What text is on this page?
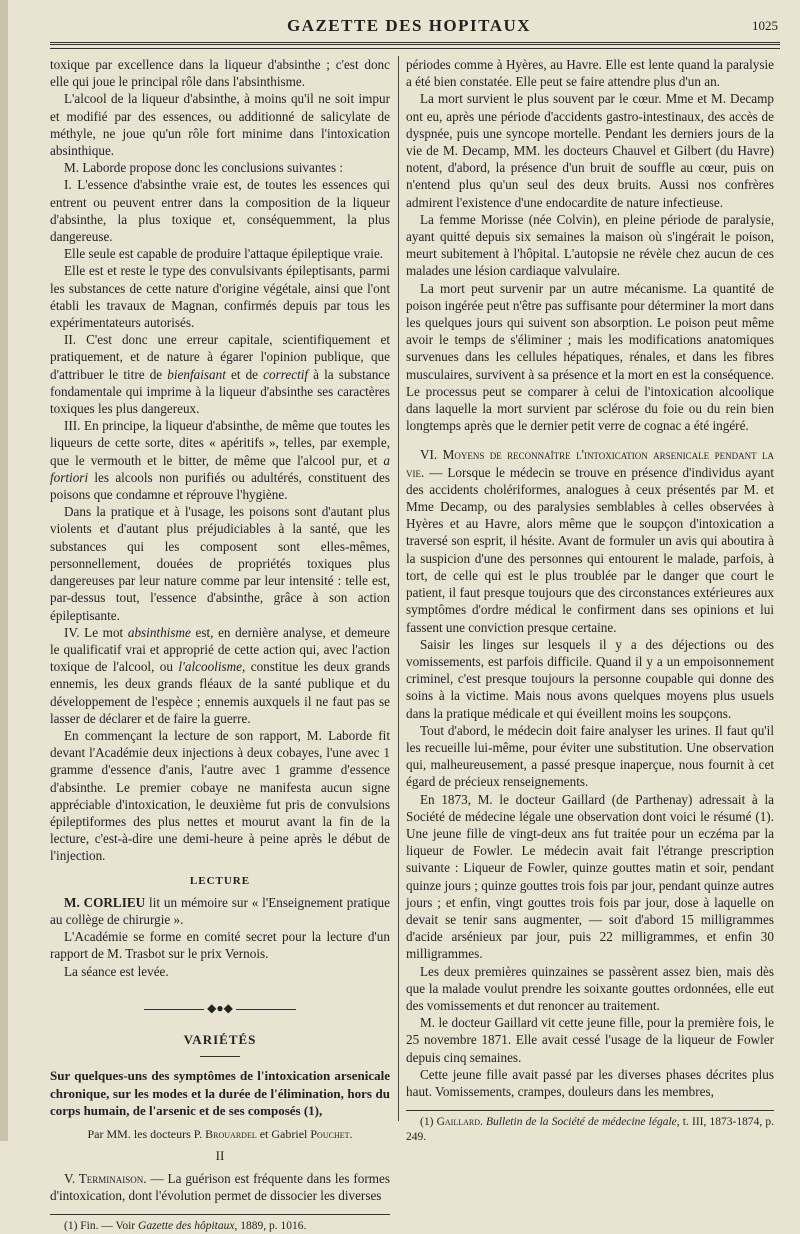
GAZETTE DES HOPITAUX	1025

toxique par excellence dans la liqueur d'absinthe ; c'est donc elle qui joue le principal rôle dans l'absinthisme.

L'alcool de la liqueur d'absinthe, à moins qu'il ne soit impur et modifié par des essences, ou additionné de salicylate de méthyle, ne joue qu'un rôle fort minime dans l'intoxication absinthique.

M. Laborde propose donc les conclusions suivantes :

I. L'essence d'absinthe vraie est, de toutes les essences qui entrent ou peuvent entrer dans la composition de la liqueur d'absinthe, la plus toxique et, conséquemment, la plus dangereuse.

Elle seule est capable de produire l'attaque épileptique vraie.

Elle est et reste le type des convulsivants épileptisants, parmi les substances de cette nature d'origine végétale, ainsi que l'ont établi les travaux de Magnan, confirmés depuis par tous les expérimentateurs autorisés.

II. C'est donc une erreur capitale, scientifiquement et pratiquement, et de nature à égarer l'opinion publique, que d'attribuer le titre de bienfaisant et de correctif à la substance fondamentale qui imprime à la liqueur d'absinthe ses caractères toxiques les plus dangereux.

III. En principe, la liqueur d'absinthe, de même que toutes les liqueurs de cette sorte, dites « apéritifs », telles, par exemple, que le vermouth et le bitter, de même que l'alcool pur, et a fortiori les alcools non purifiés ou adultérés, constituent des poisons que condamne et réprouve l'hygiène.

Dans la pratique et à l'usage, les poisons sont d'autant plus violents et d'autant plus préjudiciables à la santé, que les substances qui les composent sont elles-mêmes, personnellement, douées de propriétés toxiques plus dangereuses par leur nature comme par leur intensité : telle est, par-dessus tout, l'essence d'absinthe, grâce à son action épileptisante.

IV. Le mot absinthisme est, en dernière analyse, et demeure le qualificatif vrai et approprié de cette action qui, avec l'action toxique de l'alcool, ou l'alcoolisme, constitue les deux grands ennemis, les deux grands fléaux de la santé publique et du développement de l'espèce ; ennemis auxquels il ne faut pas se lasser de déclarer et de faire la guerre.

En commençant la lecture de son rapport, M. Laborde fit devant l'Académie deux injections à deux cobayes, l'une avec 1 gramme d'essence d'anis, l'autre avec 1 gramme d'essence d'absinthe. Le premier cobaye ne manifesta aucun signe appréciable d'intoxication, le deuxième fut pris de convulsions épileptiformes des plus nettes et mourut avant la fin de la lecture, c'est-à-dire une demi-heure à peine après le début de l'injection.

LECTURE

M. CORLIEU lit un mémoire sur « l'Enseignement pratique au collège de chirurgie ».

L'Académie se forme en comité secret pour la lecture d'un rapport de M. Trasbot sur le prix Vernois.

La séance est levée.

◆●◆
VARIÉTÉS
Sur quelques-uns des symptômes de l'intoxication arsenicale chronique, sur les modes et la durée de l'élimination, hors du corps humain, de l'arsenic et de ses composés (1),
Par MM. les docteurs P. Brouardel et Gabriel Pouchet.
II

V. Terminaison. — La guérison est fréquente dans les formes d'intoxication, dont l'évolution permet de dissocier les diverses

(1) Fin. — Voir Gazette des hôpitaux, 1889, p. 1016.

périodes comme à Hyères, au Havre. Elle est lente quand la paralysie a été bien constatée. Elle peut se faire attendre plus d'un an.

La mort survient le plus souvent par le cœur. Mme et M. Decamp ont eu, après une période d'accidents gastro-intestinaux, des accès de dyspnée, puis une syncope mortelle. Pendant les derniers jours de la vie de M. Decamp, MM. les docteurs Chauvel et Gilbert (du Havre) notent, d'abord, la présence d'un bruit de souffle au cœur, puis on n'entend plus qu'un seul des deux bruits. Aussi nos confrères admirent l'existence d'une endocardite de nature infectieuse.

La femme Morisse (née Colvin), en pleine période de paralysie, ayant quitté depuis six semaines la maison où s'ingérait le poison, meurt subitement à l'hôpital. L'autopsie ne révèle chez aucun de ces malades une lésion cardiaque valvulaire.

La mort peut survenir par un autre mécanisme. La quantité de poison ingérée peut n'être pas suffisante pour déterminer la mort dans les quelques jours qui suivent son absorption. Le poison peut même avoir le temps de s'éliminer ; mais les modifications anatomiques survenues dans les cellules hépatiques, rénales, et dans les fibres musculaires, survivent à sa présence et la mort en est la conséquence. Le processus peut se comparer à celui de l'intoxication alcoolique dans laquelle la mort survient par sclérose du foie ou du rein bien longtemps après que le dernier petit verre de cognac a été ingéré.

VI. Moyens de reconnaître l'intoxication arsenicale pendant la vie. — Lorsque le médecin se trouve en présence d'individus ayant des accidents cholériformes, analogues à ceux présentés par M. et Mme Decamp, ou des paralysies semblables à celles observées à Hyères et au Havre, alors même que le soupçon d'intoxication a traversé son esprit, il hésite. Avant de formuler un avis qui aboutira à la suspicion d'une des personnes qui entourent le malade, parfois, à tort, de celle qui est le plus troublée par le danger que court le patient, il faut presque toujours que des circonstances extérieures aux symptômes d'ordre médical le confirment dans ses opinions et lui fassent une conviction presque certaine.

Saisir les linges sur lesquels il y a des déjections ou des vomissements, est parfois difficile. Quand il y a un empoisonnement criminel, c'est presque toujours la personne coupable qui donne des soins à la victime. Mais nous avons quelques moyens plus usuels dans la pratique médicale et qui éveillent moins les soupçons.

Tout d'abord, le médecin doit faire analyser les urines. Il faut qu'il les recueille lui-même, pour éviter une substitution. Une observation qui, malheureusement, a passé presque inaperçue, nous fournit à cet égard de précieux renseignements.

En 1873, M. le docteur Gaillard (de Parthenay) adressait à la Société de médecine légale une observation dont voici le résumé (1). Une jeune fille de vingt-deux ans fut traitée pour un eczéma par la liqueur de Fowler. Le médecin avait fait l'étrange prescription suivante : Liqueur de Fowler, quinze gouttes matin et soir, pendant quinze jours ; quinze gouttes trois fois par jour, pendant quinze autres jours ; et enfin, vingt gouttes trois fois par jour, dose à laquelle on devait se tenir sans augmenter, — soit d'abord 15 milligrammes d'acide arsénieux par jour, puis 22 milligrammes, et enfin 30 milligrammes.

Les deux premières quinzaines se passèrent assez bien, mais dès que la malade voulut prendre les soixante gouttes ordonnées, elle eut des vomissements et dut renoncer au traitement.

M. le docteur Gaillard vit cette jeune fille, pour la première fois, le 25 novembre 1871. Elle avait cessé l'usage de la liqueur de Fowler depuis cinq semaines.

Cette jeune fille avait passé par les diverses phases décrites plus haut. Vomissements, crampes, douleurs dans les membres,

(1) Gaillard. Bulletin de la Société de médecine légale, t. III, 1873-1874, p. 249.
